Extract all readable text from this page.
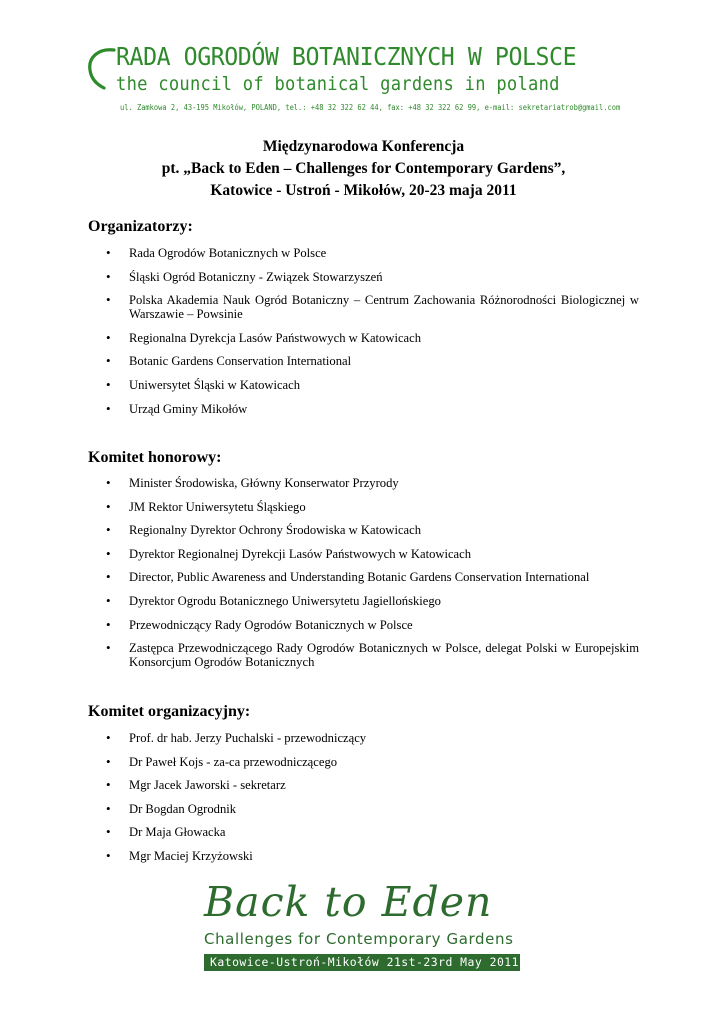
RADA OGRODÓW BOTANICZNYCH W POLSCE
the council of botanical gardens in poland
ul. Zamkowa 2, 43-195 Mikołów, POLAND, tel.: +48 32 322 62 44, fax: +48 32 322 62 99, e-mail: sekretariatrob@gmail.com
Międzynarodowa Konferencja
pt. „Back to Eden – Challenges for Contemporary Gardens”,
Katowice - Ustroń - Mikołów, 20-23 maja 2011
Organizatorzy:
• Rada Ogrodów Botanicznych w Polsce
• Śląski Ogród Botaniczny - Związek Stowarzyszeń
• Polska Akademia Nauk Ogród Botaniczny – Centrum Zachowania Różnorodności Biologicznej w Warszawie – Powsinie
• Regionalna Dyrekcja Lasów Państwowych w Katowicach
• Botanic Gardens Conservation International
• Uniwersytet Śląski w Katowicach
• Urząd Gminy Mikołów
Komitet honorowy:
• Minister Środowiska, Główny Konserwator Przyrody
• JM Rektor Uniwersytetu Śląskiego
• Regionalny Dyrektor Ochrony Środowiska w Katowicach
• Dyrektor Regionalnej Dyrekcji Lasów Państwowych w Katowicach
• Director, Public Awareness and Understanding Botanic Gardens Conservation International
• Dyrektor Ogrodu Botanicznego Uniwersytetu Jagiellońskiego
• Przewodniczący Rady Ogrodów Botanicznych w Polsce
• Zastępca Przewodniczącego Rady Ogrodów Botanicznych w Polsce, delegat Polski w Europejskim Konsorcjum Ogrodów Botanicznych
Komitet organizacyjny:
• Prof. dr hab. Jerzy Puchalski - przewodniczący
• Dr Paweł Kojs - za-ca przewodniczącego
• Mgr Jacek Jaworski - sekretarz
• Dr Bogdan Ogrodnik
• Dr Maja Głowacka
• Mgr Maciej Krzyżowski
Back to Eden
Challenges for Contemporary Gardens
Katowice-Ustroń-Mikołów 21st-23rd May 2011
